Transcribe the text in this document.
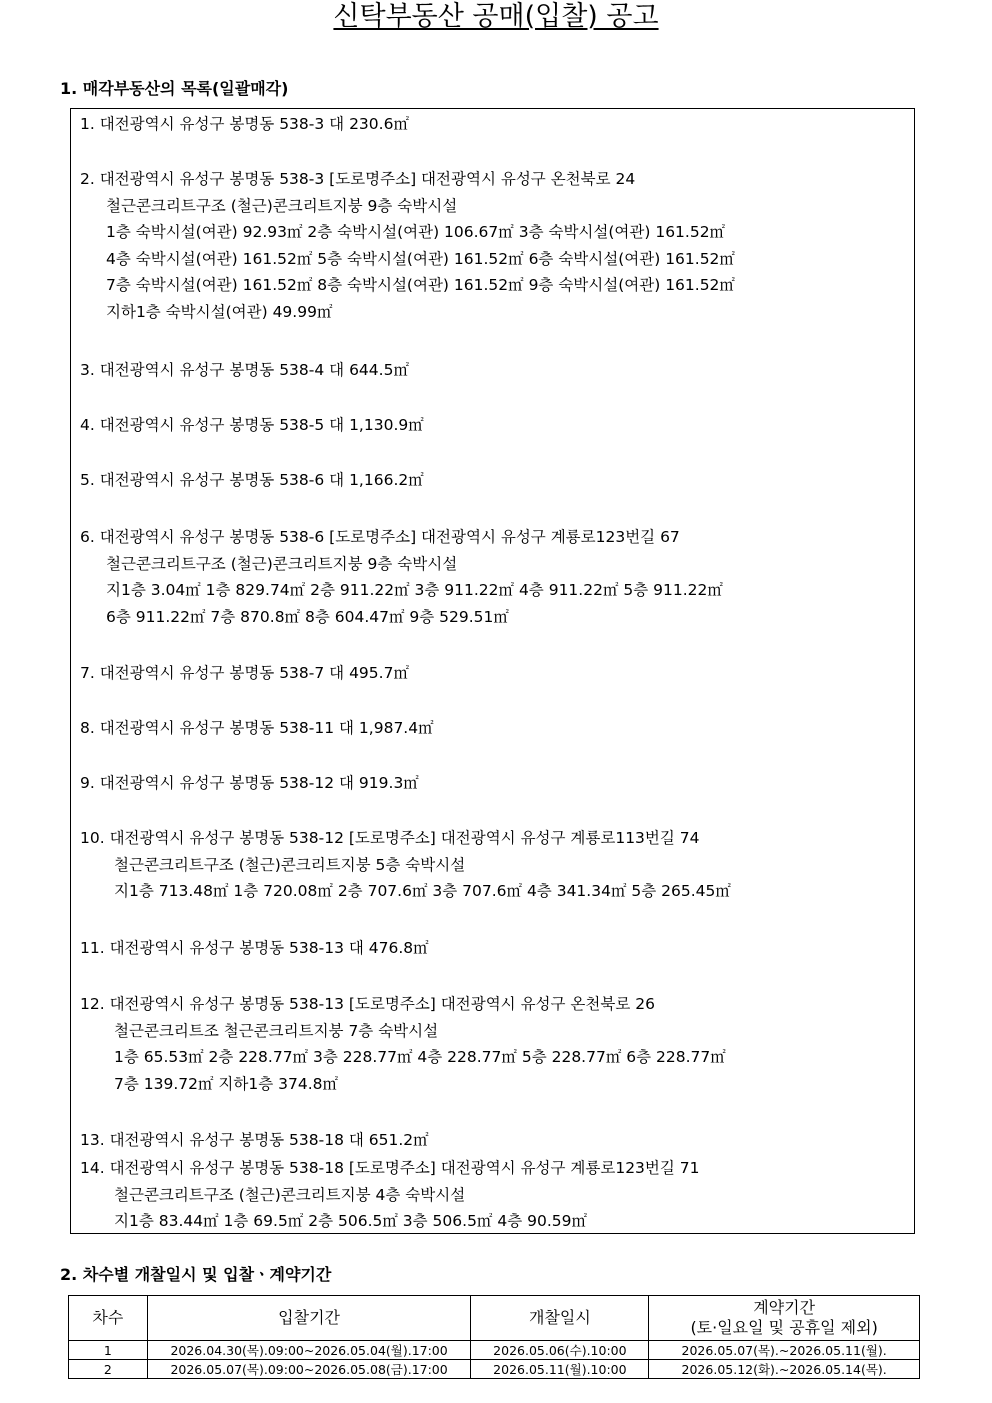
신탁부동산 공매(입찰) 공고
1. 매각부동산의 목록(일괄매각)
1. 대전광역시 유성구 봉명동 538-3 대 230.6㎡
2. 대전광역시 유성구 봉명동 538-3 [도로명주소] 대전광역시 유성구 온천북로 24
철근콘크리트구조 (철근)콘크리트지붕 9층 숙박시설
1층 숙박시설(여관) 92.93㎡ 2층 숙박시설(여관) 106.67㎡ 3층 숙박시설(여관) 161.52㎡
4층 숙박시설(여관) 161.52㎡ 5층 숙박시설(여관) 161.52㎡ 6층 숙박시설(여관) 161.52㎡
7층 숙박시설(여관) 161.52㎡ 8층 숙박시설(여관) 161.52㎡ 9층 숙박시설(여관) 161.52㎡
지하1층 숙박시설(여관) 49.99㎡
3. 대전광역시 유성구 봉명동 538-4 대 644.5㎡
4. 대전광역시 유성구 봉명동 538-5 대 1,130.9㎡
5. 대전광역시 유성구 봉명동 538-6 대 1,166.2㎡
6. 대전광역시 유성구 봉명동 538-6 [도로명주소] 대전광역시 유성구 계룡로123번길 67
철근콘크리트구조 (철근)콘크리트지붕 9층 숙박시설
지1층 3.04㎡ 1층 829.74㎡ 2층 911.22㎡ 3층 911.22㎡ 4층 911.22㎡ 5층 911.22㎡
6층 911.22㎡ 7층 870.8㎡ 8층 604.47㎡ 9층 529.51㎡
7. 대전광역시 유성구 봉명동 538-7 대 495.7㎡
8. 대전광역시 유성구 봉명동 538-11 대 1,987.4㎡
9. 대전광역시 유성구 봉명동 538-12 대 919.3㎡
10. 대전광역시 유성구 봉명동 538-12 [도로명주소] 대전광역시 유성구 계룡로113번길 74
철근콘크리트구조 (철근)콘크리트지붕 5층 숙박시설
지1층 713.48㎡ 1층 720.08㎡ 2층 707.6㎡ 3층 707.6㎡ 4층 341.34㎡ 5층 265.45㎡
11. 대전광역시 유성구 봉명동 538-13 대 476.8㎡
12. 대전광역시 유성구 봉명동 538-13 [도로명주소] 대전광역시 유성구 온천북로 26
철근콘크리트조 철근콘크리트지붕 7층 숙박시설
1층 65.53㎡ 2층 228.77㎡ 3층 228.77㎡ 4층 228.77㎡ 5층 228.77㎡ 6층 228.77㎡
7층 139.72㎡ 지하1층 374.8㎡
13. 대전광역시 유성구 봉명동 538-18 대 651.2㎡
14. 대전광역시 유성구 봉명동 538-18 [도로명주소] 대전광역시 유성구 계룡로123번길 71
철근콘크리트구조 (철근)콘크리트지붕 4층 숙박시설
지1층 83.44㎡ 1층 69.5㎡ 2층 506.5㎡ 3층 506.5㎡ 4층 90.59㎡
2. 차수별 개찰일시 및 입찰ㆍ계약기간
차수	입찰기간	개찰일시	계약기간
(토·일요일 및 공휴일 제외)
1	2026.04.30(목).09:00~2026.05.04(월).17:00	2026.05.06(수).10:00	2026.05.07(목).~2026.05.11(월).
2	2026.05.07(목).09:00~2026.05.08(금).17:00	2026.05.11(월).10:00	2026.05.12(화).~2026.05.14(목).
